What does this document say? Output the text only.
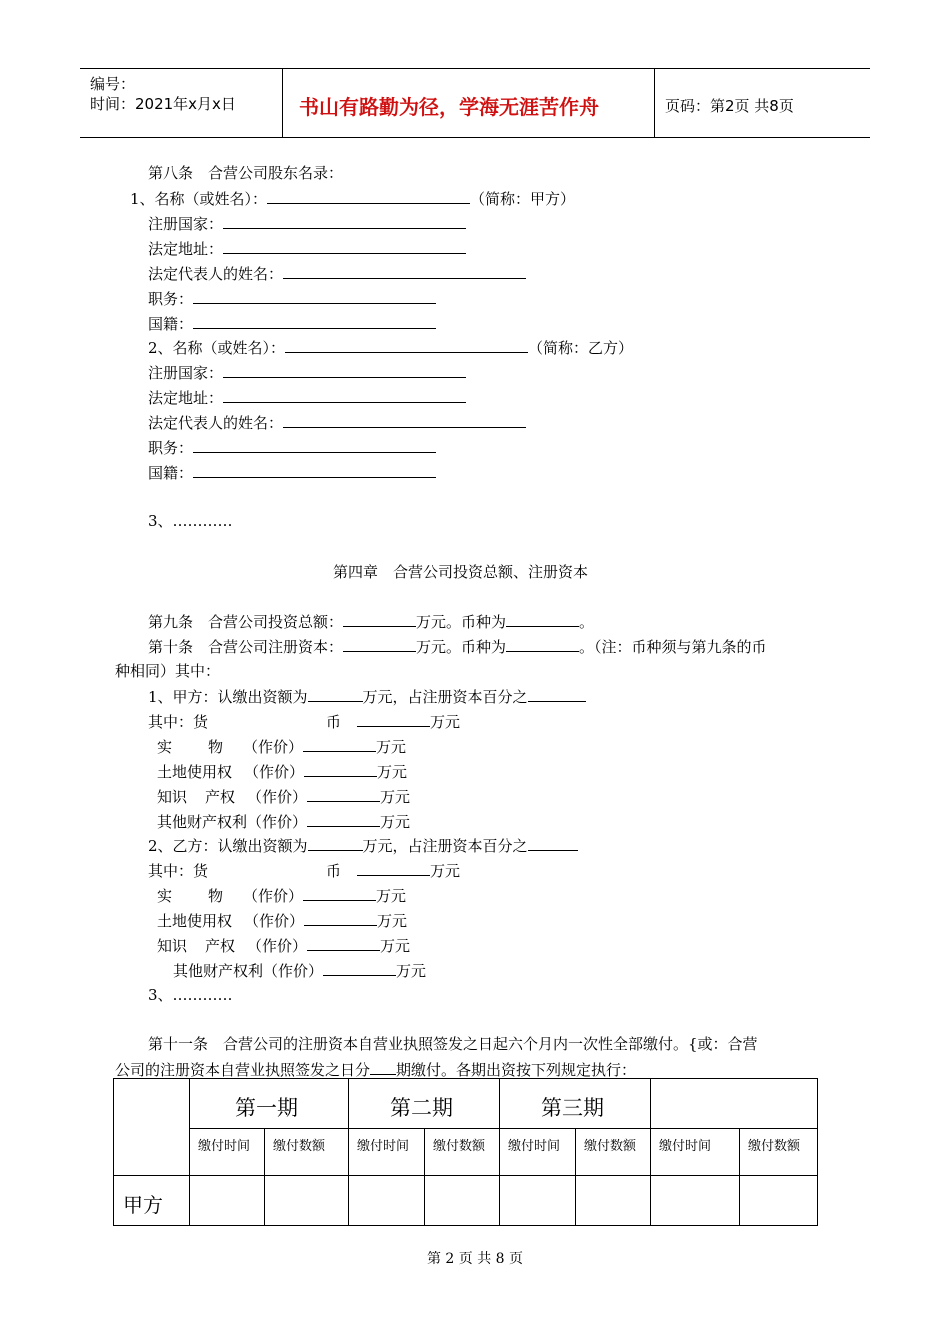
编号：
时间：2021年x月x日	书山有路勤为径，学海无涯苦作舟	页码：第2页 共8页
第八条　合营公司股东名录：
1、名称（或姓名）：	（简称：甲方）
注册国家：
法定地址：
法定代表人的姓名：
职务：
国籍：
2、名称（或姓名）：	（简称：乙方）
注册国家：
法定地址：
法定代表人的姓名：
职务：
国籍：
3、…………
第四章　合营公司投资总额、注册资本
第九条　合营公司投资总额：	万元。币种为	。
第十条　合营公司注册资本：	万元。币种为	。（注：币种须与第九条的币
种相同）其中：
1、甲方：认缴出资额为	万元，占注册资本百分之
其中：货	币	万元
实 物 （作价）	万元
土地使用权 （作价）	万元
知识 产权 （作价）	万元
其他财产权利（作价）	万元
2、乙方：认缴出资额为	万元，占注册资本百分之
其中：货	币	万元
实 物 （作价）	万元
土地使用权 （作价）	万元
知识 产权 （作价）	万元
其他财产权利（作价）	万元
3、…………
第十一条　合营公司的注册资本自营业执照签发之日起六个月内一次性全部缴付。{或：合营
公司的注册资本自营业执照签发之日分 期缴付。各期出资按下列规定执行：
第一期	第二期	第三期
缴付时间 缴付数额 缴付时间 缴付数额 缴付时间 缴付数额 缴付时间	缴付数额
甲方
第 2 页 共 8 页
